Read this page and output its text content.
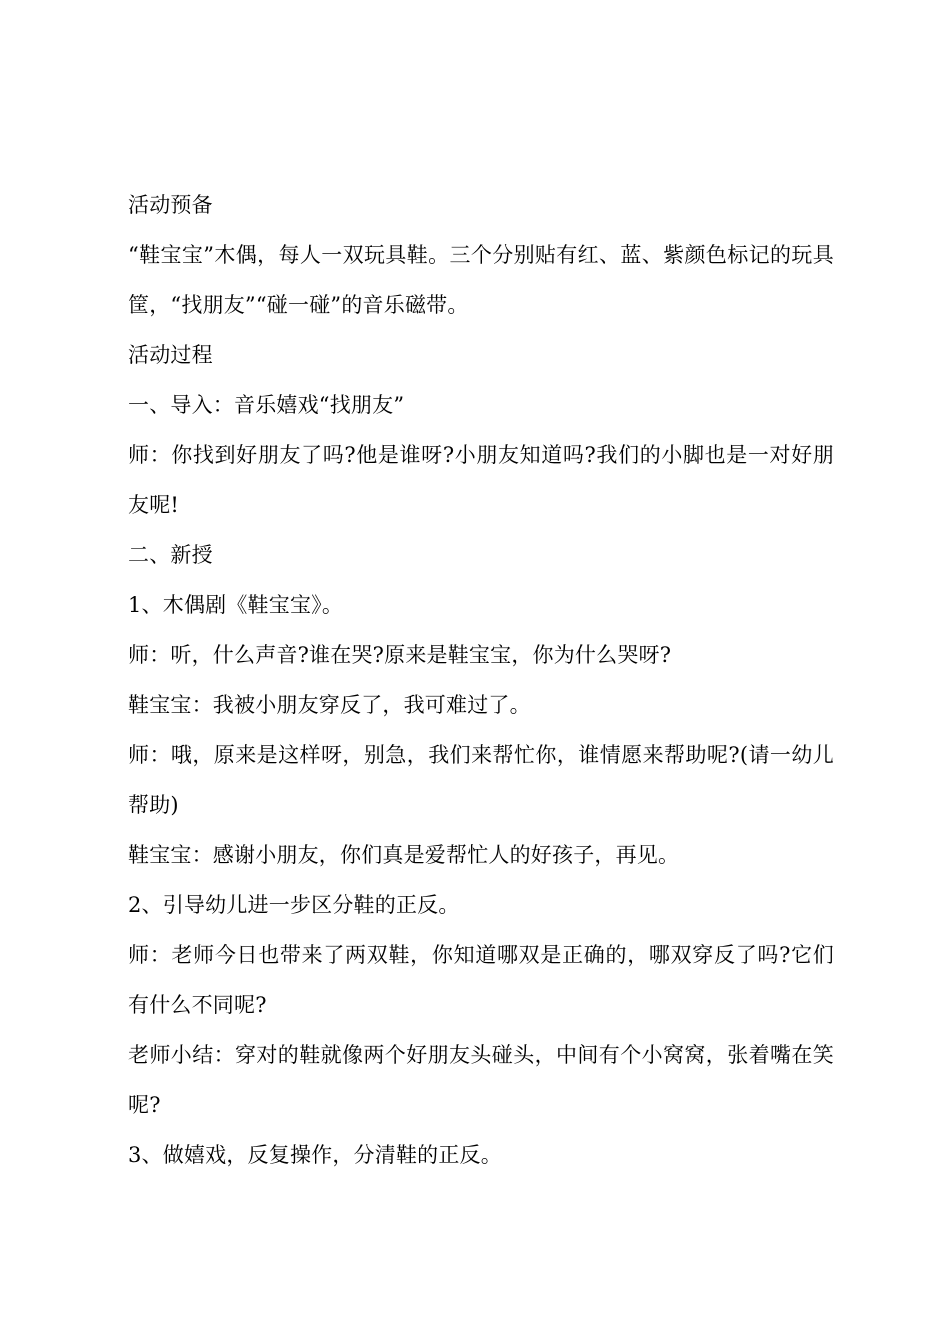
活动预备

“鞋宝宝”木偶，每人一双玩具鞋。三个分别贴有红、蓝、紫颜色标记的玩具筐，“找朋友”“碰一碰”的音乐磁带。

活动过程

一、导入：音乐嬉戏“找朋友”

师：你找到好朋友了吗?他是谁呀?小朋友知道吗?我们的小脚也是一对好朋友呢!

二、新授

1、木偶剧《鞋宝宝》。

师：听，什么声音?谁在哭?原来是鞋宝宝，你为什么哭呀?

鞋宝宝：我被小朋友穿反了，我可难过了。

师：哦，原来是这样呀，别急，我们来帮忙你，谁情愿来帮助呢?(请一幼儿帮助)

鞋宝宝：感谢小朋友，你们真是爱帮忙人的好孩子，再见。

2、引导幼儿进一步区分鞋的正反。

师：老师今日也带来了两双鞋，你知道哪双是正确的，哪双穿反了吗?它们有什么不同呢?

老师小结：穿对的鞋就像两个好朋友头碰头，中间有个小窝窝，张着嘴在笑呢?

3、做嬉戏，反复操作，分清鞋的正反。
